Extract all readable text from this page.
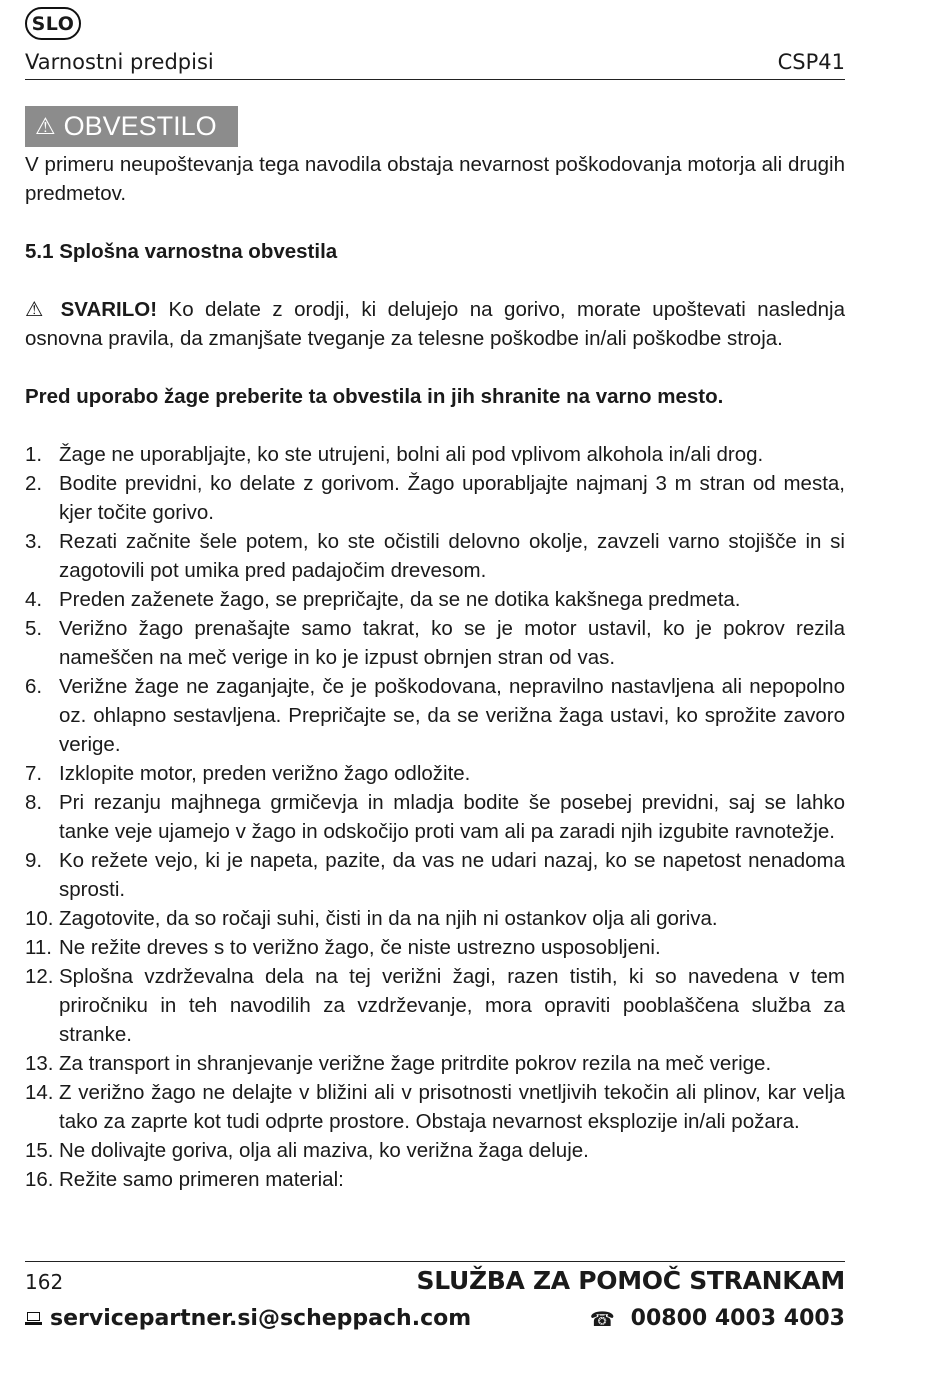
SLO
Varnostni predpisi	CSP41
⚠ OBVESTILO

V primeru neupoštevanja tega navodila obstaja nevarnost poškodovanja motorja ali drugih predmetov.

5.1 Splošna varnostna obvestila

⚠ SVARILO! Ko delate z orodji, ki delujejo na gorivo, morate upoštevati naslednja osnovna pravila, da zmanjšate tveganje za telesne poškodbe in/ali poškodbe stroja.

Pred uporabo žage preberite ta obvestila in jih shranite na varno mesto.

1. Žage ne uporabljajte, ko ste utrujeni, bolni ali pod vplivom alkohola in/ali drog.
2. Bodite previdni, ko delate z gorivom. Žago uporabljajte najmanj 3 m stran od mesta, kjer točite gorivo.
3. Rezati začnite šele potem, ko ste očistili delovno okolje, zavzeli varno stojišče in si zagotovili pot umika pred padajočim drevesom.
4. Preden zaženete žago, se prepričajte, da se ne dotika kakšnega predmeta.
5. Verižno žago prenašajte samo takrat, ko se je motor ustavil, ko je pokrov rezila nameščen na meč verige in ko je izpust obrnjen stran od vas.
6. Verižne žage ne zaganjajte, če je poškodovana, nepravilno nastavljena ali nepopolno oz. ohlapno sestavljena. Prepričajte se, da se verižna žaga ustavi, ko sprožite zavoro verige.
7. Izklopite motor, preden verižno žago odložite.
8. Pri rezanju majhnega grmičevja in mladja bodite še posebej previdni, saj se lahko tanke veje ujamejo v žago in odskočijo proti vam ali pa zaradi njih izgubite ravnotežje.
9. Ko režete vejo, ki je napeta, pazite, da vas ne udari nazaj, ko se napetost nenadoma sprosti.
10. Zagotovite, da so ročaji suhi, čisti in da na njih ni ostankov olja ali goriva.
11. Ne režite dreves s to verižno žago, če niste ustrezno usposobljeni.
12. Splošna vzdrževalna dela na tej verižni žagi, razen tistih, ki so navedena v tem priročniku in teh navodilih za vzdrževanje, mora opraviti pooblaščena služba za stranke.
13. Za transport in shranjevanje verižne žage pritrdite pokrov rezila na meč verige.
14. Z verižno žago ne delajte v bližini ali v prisotnosti vnetljivih tekočin ali plinov, kar velja tako za zaprte kot tudi odprte prostore. Obstaja nevarnost eksplozije in/ali požara.
15. Ne dolivajte goriva, olja ali maziva, ko verižna žaga deluje.
16. Režite samo primeren material:
162	SLUŽBA ZA POMOČ STRANKAM
servicepartner.si@scheppach.com	☎ 00800 4003 4003
